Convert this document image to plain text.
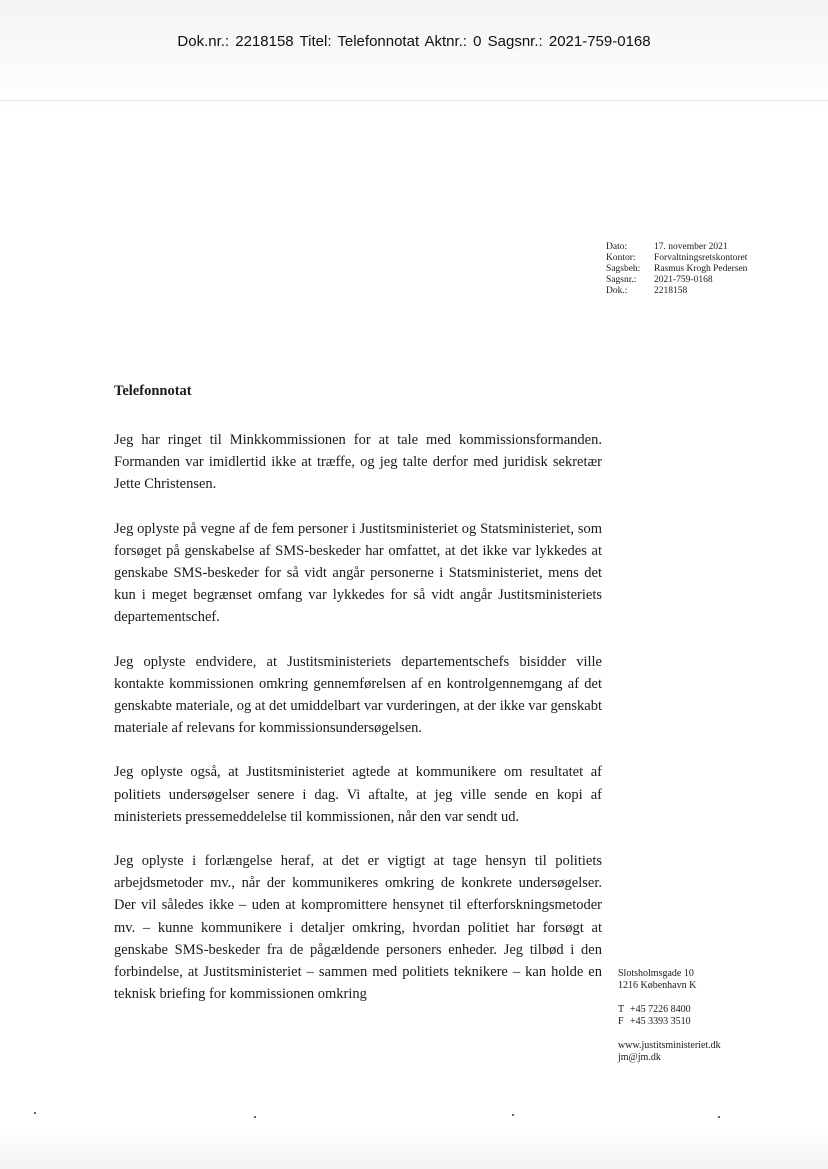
Dok.nr.: 2218158 Titel: Telefonnotat Aktnr.: 0 Sagsnr.: 2021-759-0168
Dato:	17. november 2021
Kontor:	Forvaltningsretskontoret
Sagsbeh:	Rasmus Krogh Pedersen
Sagsnr.:	2021-759-0168
Dok.:	2218158
Telefonnotat

Jeg har ringet til Minkkommissionen for at tale med kommissionsformanden. Formanden var imidlertid ikke at træffe, og jeg talte derfor med juridisk sekretær Jette Christensen.

Jeg oplyste på vegne af de fem personer i Justitsministeriet og Statsministeriet, som forsøget på genskabelse af SMS-beskeder har omfattet, at det ikke var lykkedes at genskabe SMS-beskeder for så vidt angår personerne i Statsministeriet, mens det kun i meget begrænset omfang var lykkedes for så vidt angår Justitsministeriets departementschef.

Jeg oplyste endvidere, at Justitsministeriets departementschefs bisidder ville kontakte kommissionen omkring gennemførelsen af en kontrolgennemgang af det genskabte materiale, og at det umiddelbart var vurderingen, at der ikke var genskabt materiale af relevans for kommissionsundersøgelsen.

Jeg oplyste også, at Justitsministeriet agtede at kommunikere om resultatet af politiets undersøgelser senere i dag. Vi aftalte, at jeg ville sende en kopi af ministeriets pressemeddelelse til kommissionen, når den var sendt ud.

Jeg oplyste i forlængelse heraf, at det er vigtigt at tage hensyn til politiets arbejdsmetoder mv., når der kommunikeres omkring de konkrete undersøgelser. Der vil således ikke – uden at kompromittere hensynet til efterforskningsmetoder mv. – kunne kommunikere i detaljer omkring, hvordan politiet har forsøgt at genskabe SMS-beskeder fra de pågældende personers enheder. Jeg tilbød i den forbindelse, at Justitsministeriet – sammen med politiets teknikere – kan holde en teknisk briefing for kommissionen omkring

Slotsholmsgade 10
1216 København K
T +45 7226 8400
F +45 3393 3510
www.justitsministeriet.dk
jm@jm.dk
